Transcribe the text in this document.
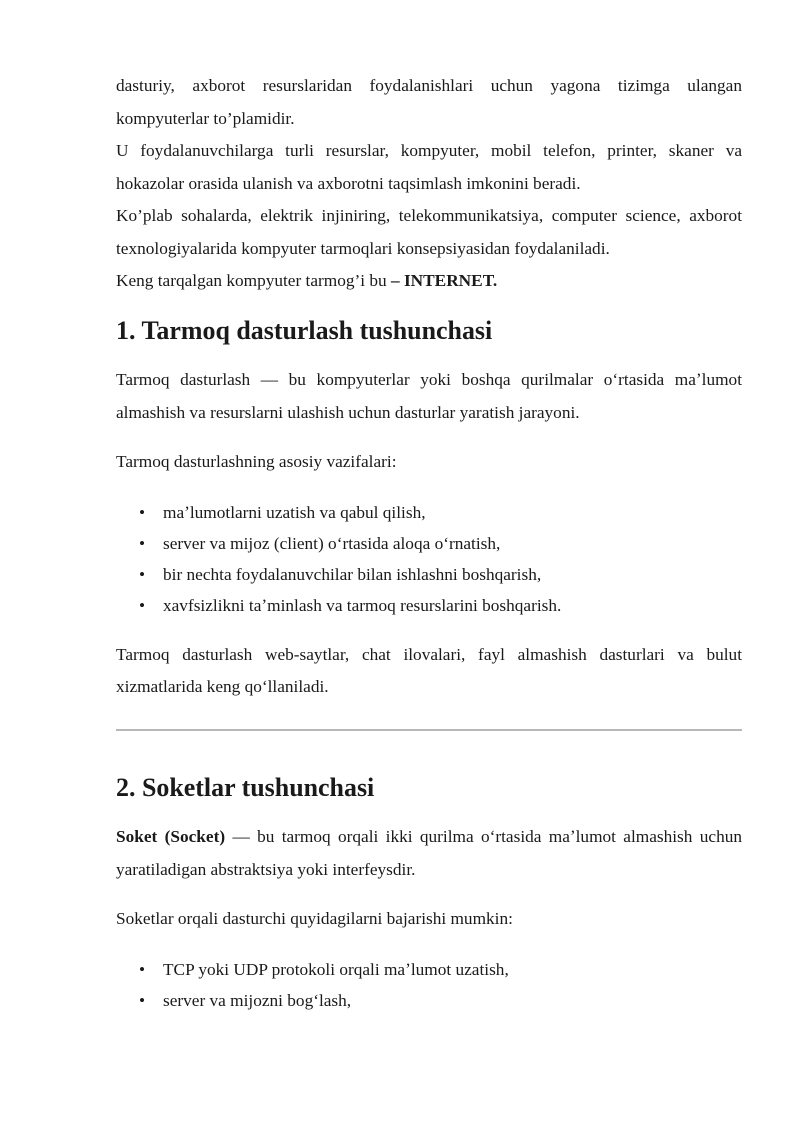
dasturiy, axborot resurslaridan foydalanishlari uchun yagona tizimga ulangan kompyuterlar to’plamidir.

U foydalanuvchilarga turli resurslar, kompyuter, mobil telefon, printer, skaner va hokazolar orasida ulanish va axborotni taqsimlash imkonini beradi.

Ko’plab sohalarda, elektrik injiniring, telekommunikatsiya, computer science, axborot texnologiyalarida kompyuter tarmoqlari konsepsiyasidan foydalaniladi.

Keng tarqalgan kompyuter tarmog’i bu – INTERNET.

1. Tarmoq dasturlash tushunchasi

Tarmoq dasturlash — bu kompyuterlar yoki boshqa qurilmalar oʻrtasida maʼlumot almashish va resurslarni ulashish uchun dasturlar yaratish jarayoni.

Tarmoq dasturlashning asosiy vazifalari:

• maʼlumotlarni uzatish va qabul qilish,
• server va mijoz (client) oʻrtasida aloqa oʻrnatish,
• bir nechta foydalanuvchilar bilan ishlashni boshqarish,
• xavfsizlikni taʼminlash va tarmoq resurslarini boshqarish.

Tarmoq dasturlash web-saytlar, chat ilovalari, fayl almashish dasturlari va bulut xizmatlarida keng qoʻllaniladi.

2. Soketlar tushunchasi

Soket (Socket) — bu tarmoq orqali ikki qurilma oʻrtasida maʼlumot almashish uchun yaratiladigan abstraktsiya yoki interfeysdir.

Soketlar orqali dasturchi quyidagilarni bajarishi mumkin:

• TCP yoki UDP protokoli orqali maʼlumot uzatish,
• server va mijozni bogʻlash,
